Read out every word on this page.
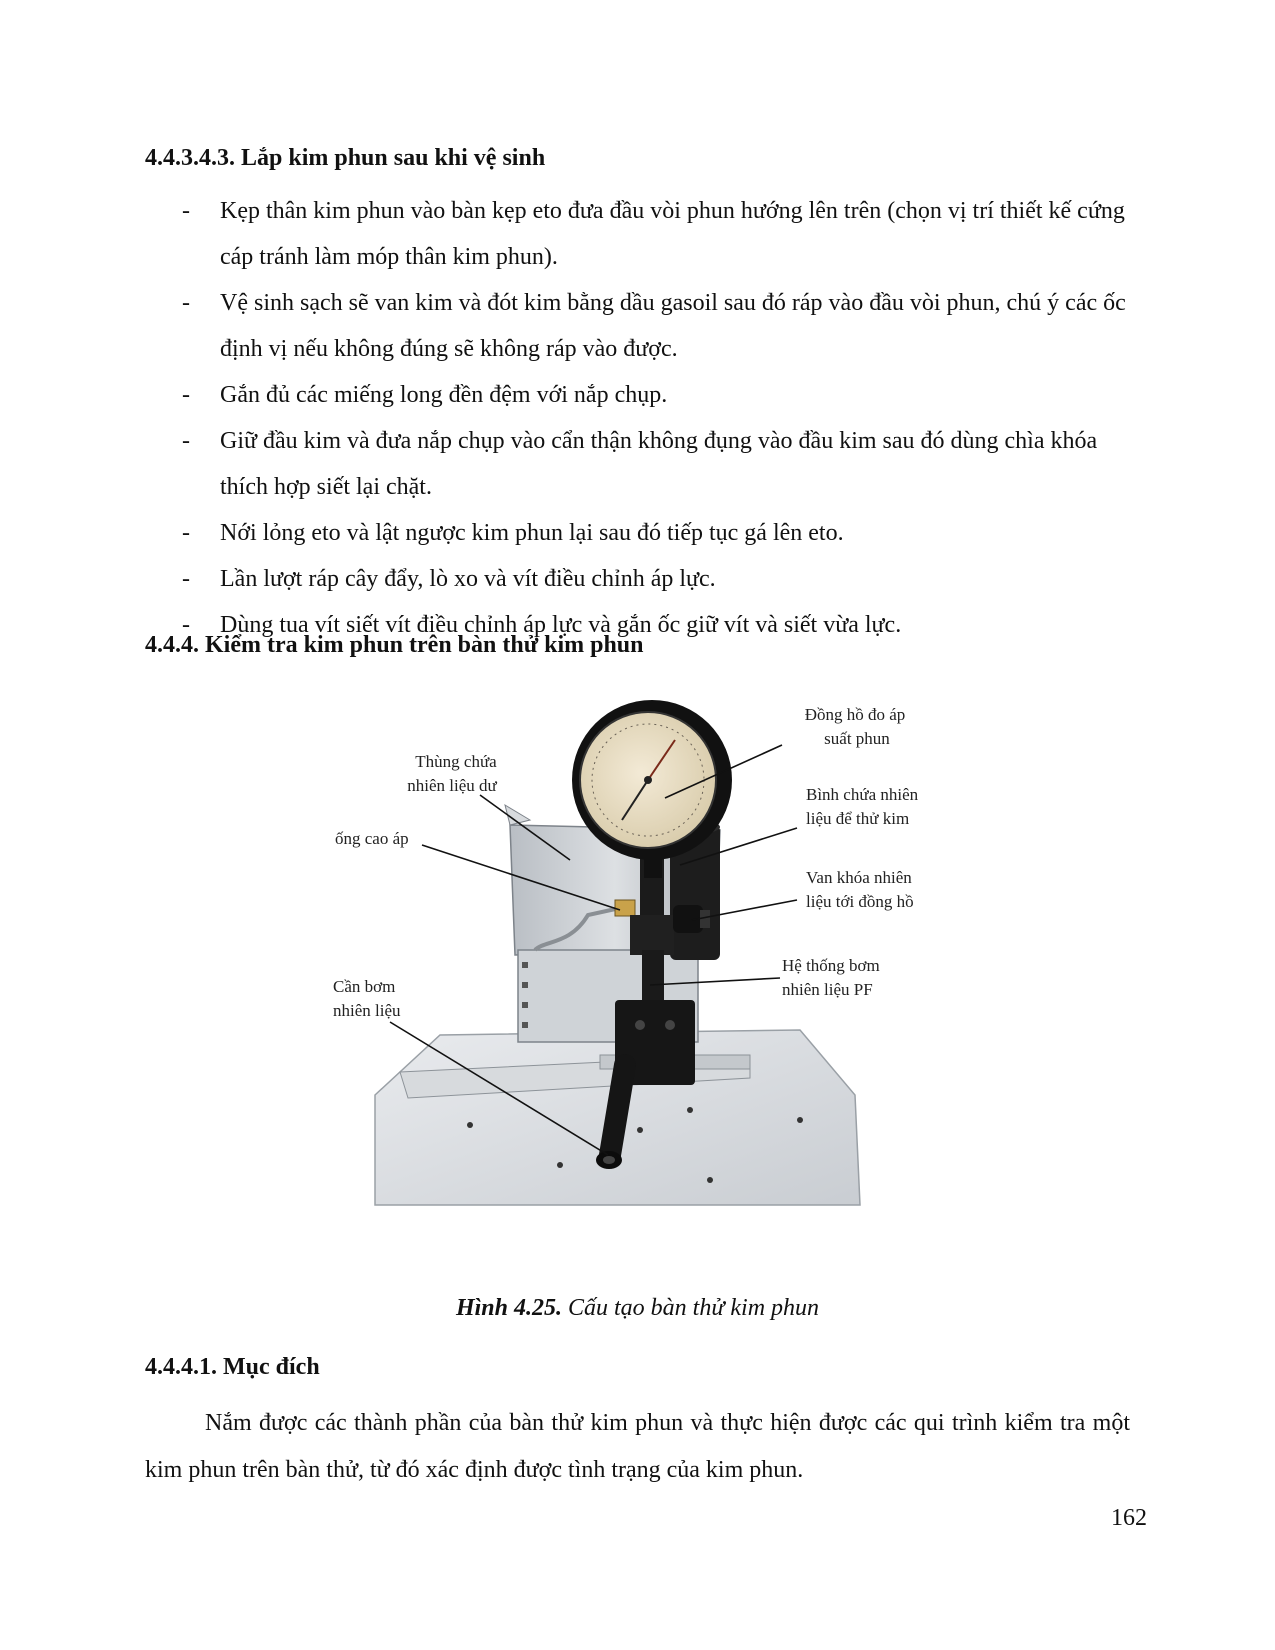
4.4.3.4.3. Lắp kim phun sau khi vệ sinh
- Kẹp thân kim phun vào bàn kẹp eto đưa đầu vòi phun hướng lên trên (chọn vị trí thiết kế cứng cáp tránh làm móp thân kim phun).
- Vệ sinh sạch sẽ van kim và đót kim bằng dầu gasoil sau đó ráp vào đầu vòi phun, chú ý các ốc định vị nếu không đúng sẽ không ráp vào được.
- Gắn đủ các miếng long đền đệm với nắp chụp.
- Giữ đầu kim và đưa nắp chụp vào cẩn thận không đụng vào đầu kim sau đó dùng chìa khóa thích hợp siết lại chặt.
- Nới lỏng eto và lật ngược kim phun lại sau đó tiếp tục gá lên eto.
- Lần lượt ráp cây đẩy, lò xo và vít điều chỉnh áp lực.
- Dùng tua vít siết vít điều chỉnh áp lực và gắn ốc giữ vít và siết vừa lực.
4.4.4. Kiểm tra kim phun trên bàn thử kim phun
Đồng hồ đo áp
suất phun
Thùng chứa
nhiên liệu dư
ống cao áp
Bình chứa nhiên
liệu để thử kim
Van khóa nhiên
liệu tới đồng hồ
Hệ thống bơm
nhiên liệu PF
Cần bơm
nhiên liệu
Hình 4.25. Cấu tạo bàn thử kim phun
4.4.4.1. Mục đích

Nắm được các thành phần của bàn thử kim phun và thực hiện được các qui trình kiểm tra một kim phun trên bàn thử, từ đó xác định được tình trạng của kim phun.

162
